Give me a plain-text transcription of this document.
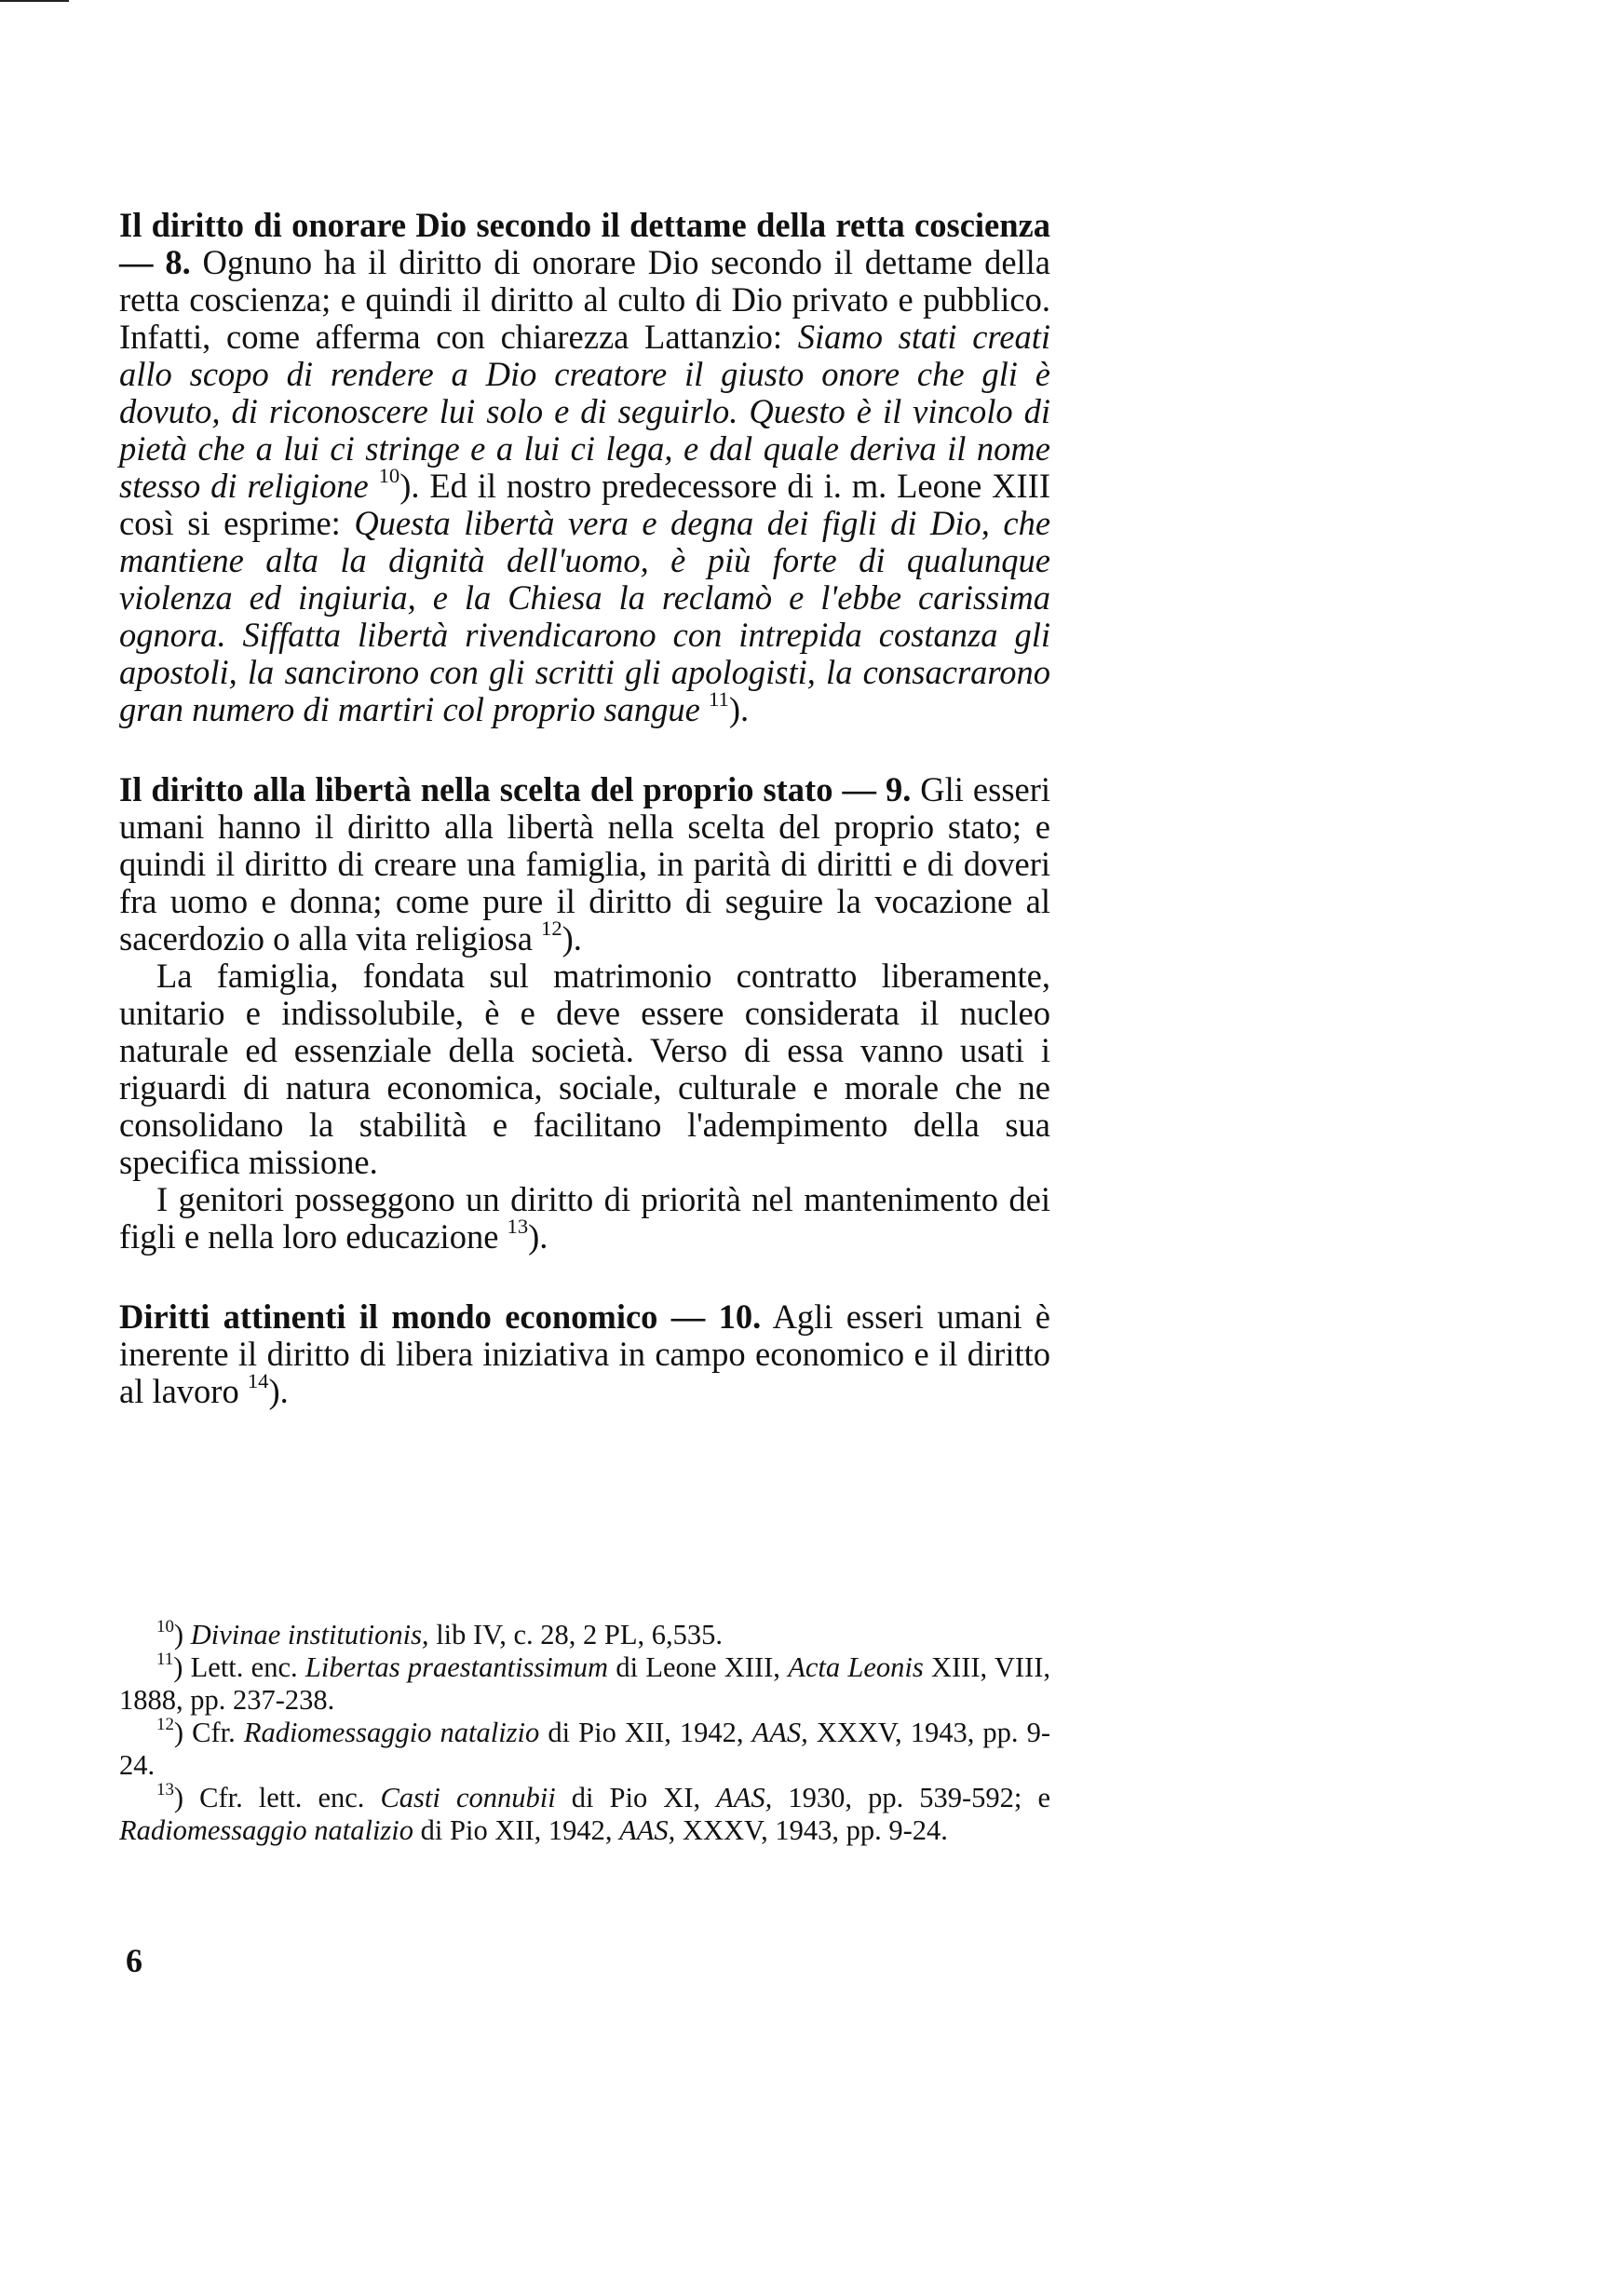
Il diritto di onorare Dio secondo il dettame della retta coscienza — 8. Ognuno ha il diritto di onorare Dio secondo il dettame della retta coscienza; e quindi il diritto al culto di Dio privato e pubblico. Infatti, come afferma con chiarezza Lattanzio: Siamo stati creati allo scopo di rendere a Dio creatore il giusto onore che gli è dovuto, di riconoscere lui solo e di seguirlo. Questo è il vincolo di pietà che a lui ci stringe e a lui ci lega, e dal quale deriva il nome stesso di religione $^{10}$). Ed il nostro predecessore di i. m. Leone XIII così si esprime: Questa libertà vera e degna dei figli di Dio, che mantiene alta la dignità dell'uomo, è più forte di qualunque violenza ed ingiuria, e la Chiesa la reclamò e l'ebbe carissima ognora. Siffatta libertà rivendicarono con intrepida costanza gli apostoli, la sancirono con gli scritti gli apologisti, la consacrarono gran numero di martiri col proprio sangue $^{11}$).

Il diritto alla libertà nella scelta del proprio stato — 9. Gli esseri umani hanno il diritto alla libertà nella scelta del proprio stato; e quindi il diritto di creare una famiglia, in parità di diritti e di doveri fra uomo e donna; come pure il diritto di seguire la vocazione al sacerdozio o alla vita religiosa $^{12}$).

La famiglia, fondata sul matrimonio contratto liberamente, unitario e indissolubile, è e deve essere considerata il nucleo naturale ed essenziale della società. Verso di essa vanno usati i riguardi di natura economica, sociale, culturale e morale che ne consolidano la stabilità e facilitano l'adempimento della sua specifica missione.

I genitori posseggono un diritto di priorità nel mantenimento dei figli e nella loro educazione $^{13}$).

Diritti attinenti il mondo economico — 10. Agli esseri umani è inerente il diritto di libera iniziativa in campo economico e il diritto al lavoro $^{14}$).

$^{10}$) Divinae institutionis, lib IV, c. 28, 2 PL, 6,535.

$^{11}$) Lett. enc. Libertas praestantissimum di Leone XIII, Acta Leonis XIII, VIII, 1888, pp. 237-238.

$^{12}$) Cfr. Radiomessaggio natalizio di Pio XII, 1942, AAS, XXXV, 1943, pp. 9-24.

$^{13}$) Cfr. lett. enc. Casti connubii di Pio XI, AAS, 1930, pp. 539-592; e Radiomessaggio natalizio di Pio XII, 1942, AAS, XXXV, 1943, pp. 9-24.

6
